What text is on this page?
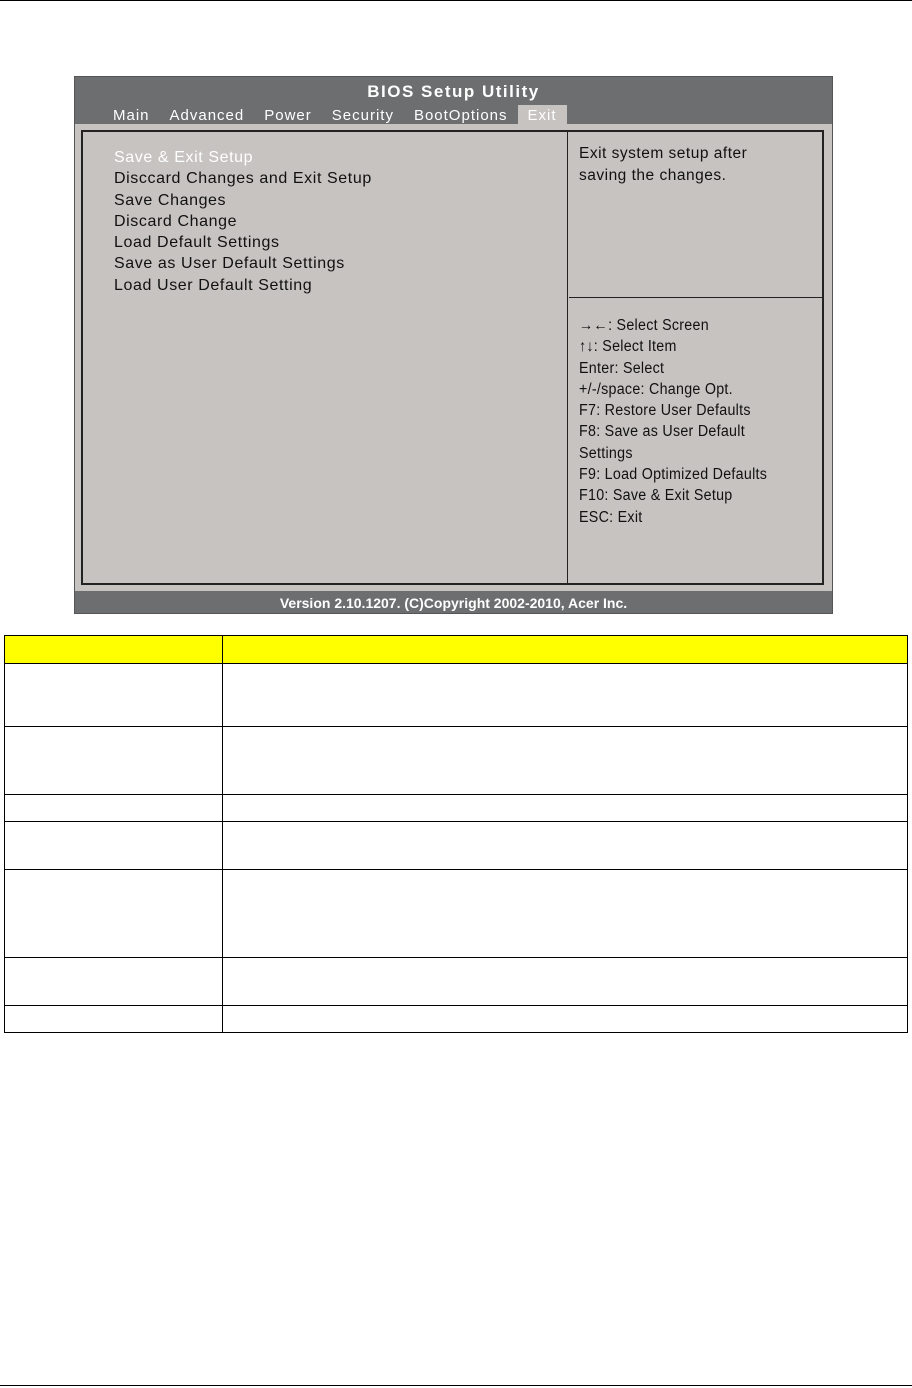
BIOS Setup Utility
Main	Advanced	Power	Security	BootOptions	Exit
Save & Exit Setup
Disccard Changes and Exit Setup
Save Changes
Discard Change
Load Default Settings
Save as User Default Settings
Load User Default Setting
Exit system setup after saving the changes.
→←: Select Screen
↑↓: Select Item
Enter: Select
+/-/space: Change Opt.
F7: Restore User Defaults
F8: Save as User Default
Settings
F9: Load Optimized Defaults
F10: Save & Exit Setup
ESC: Exit
Version 2.10.1207. (C)Copyright 2002-2010, Acer Inc.
